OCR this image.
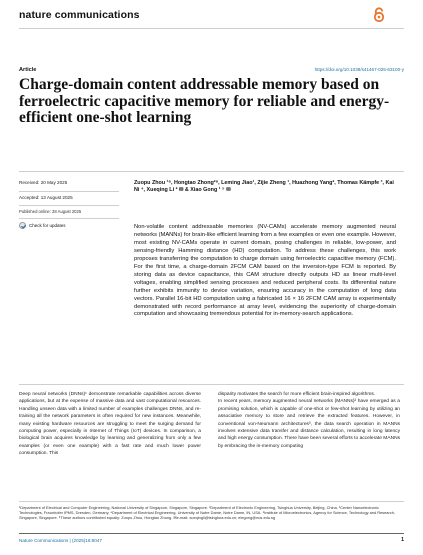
nature communications
Article	https://doi.org/10.1038/s41467-025-63100-y
Charge-domain content addressable memory based on ferroelectric capacitive memory for reliable and energy-efficient one-shot learning
Received: 20 May 2025
Accepted: 13 August 2025
Published online: 28 August 2025
Check for updates
Zuopu Zhou ¹⁸, Hongtao Zhong²⁸, Leming Jiao¹, Zijie Zheng ¹, Huazhong Yang², Thomas Kämpfe ³, Kai Ni ⁴, Xueqing Li ² ✉ & Xiao Gong ¹ ⁵ ✉
Non-volatile content addressable memories (NV-CAMs) accelerate memory augmented neural networks (MANNs) for brain-like efficient learning from a few examples or even one example. However, most existing NV-CAMs operate in current domain, posing challenges in reliable, low-power, and sensing-friendly Hamming distance (HD) computation. To address these challenges, this work proposes transferring the computation to charge domain using ferroelectric capacitive memory (FCM). For the first time, a charge-domain 2FCM CAM based on the inversion-type FCM is reported. By storing data as device capacitance, this CAM structure directly outputs HD as linear multi-level voltages, enabling simplified sensing processes and reduced peripheral costs. Its differential nature further exhibits immunity to device variation, ensuring accuracy in the computation of long data vectors. Parallel 16-bit HD computation using a fabricated 16 × 16 2FCM CAM array is experimentally demonstrated with record performance at array level, evidencing the superiority of charge-domain computation and showcasing tremendous potential for in-memory-search applications.
Deep neural networks (DNNs)¹ demonstrate remarkable capabilities across diverse applications, but at the expense of massive data and vast computational resources. Handling unseen data with a limited number of examples challenges DNNs, and re-training all the network parameters is often required for new instances. Meanwhile, many existing hardware resources are struggling to meet the surging demand for computing power, especially in Internet of Things (IoT) devices. In comparison, a biological brain acquires knowledge by learning and generalizing from only a few examples (or even one example) with a fast rate and much lower power consumption. This
disparity motivates the search for more efficient brain-inspired algorithms.
In recent years, memory augmented neural networks (MANNs)² have emerged as a promising solution, which is capable of one-shot or few-shot learning by utilizing an associative memory to store and retrieve the extracted features. However, in conventional von-Neumann architectures³, the data search operation in MANNs involves extensive data transfer and distance calculation, resulting in long latency and high energy consumption. There have been several efforts to accelerate MANNs by embracing the in-memory computing
¹Department of Electrical and Computer Engineering, National University of Singapore, Singapore, Singapore. ²Department of Electronic Engineering, Tsinghua University, Beijing, China. ³Center Nanoelectronic Technologies, Fraunhofer IPMS, Dresden, Germany. ⁴Department of Electrical Engineering, University of Notre Dame, Notre Dame, IN, USA. ⁵Institute of Microelectronics, Agency for Science, Technology and Research, Singapore, Singapore. ⁸These authors contributed equally: Zuopu Zhou, Hongtao Zhong. ✉e-mail: xueqingli@tsinghua.edu.cn; elegong@nus.edu.sg
Nature Communications | (2025)16:8047	1
